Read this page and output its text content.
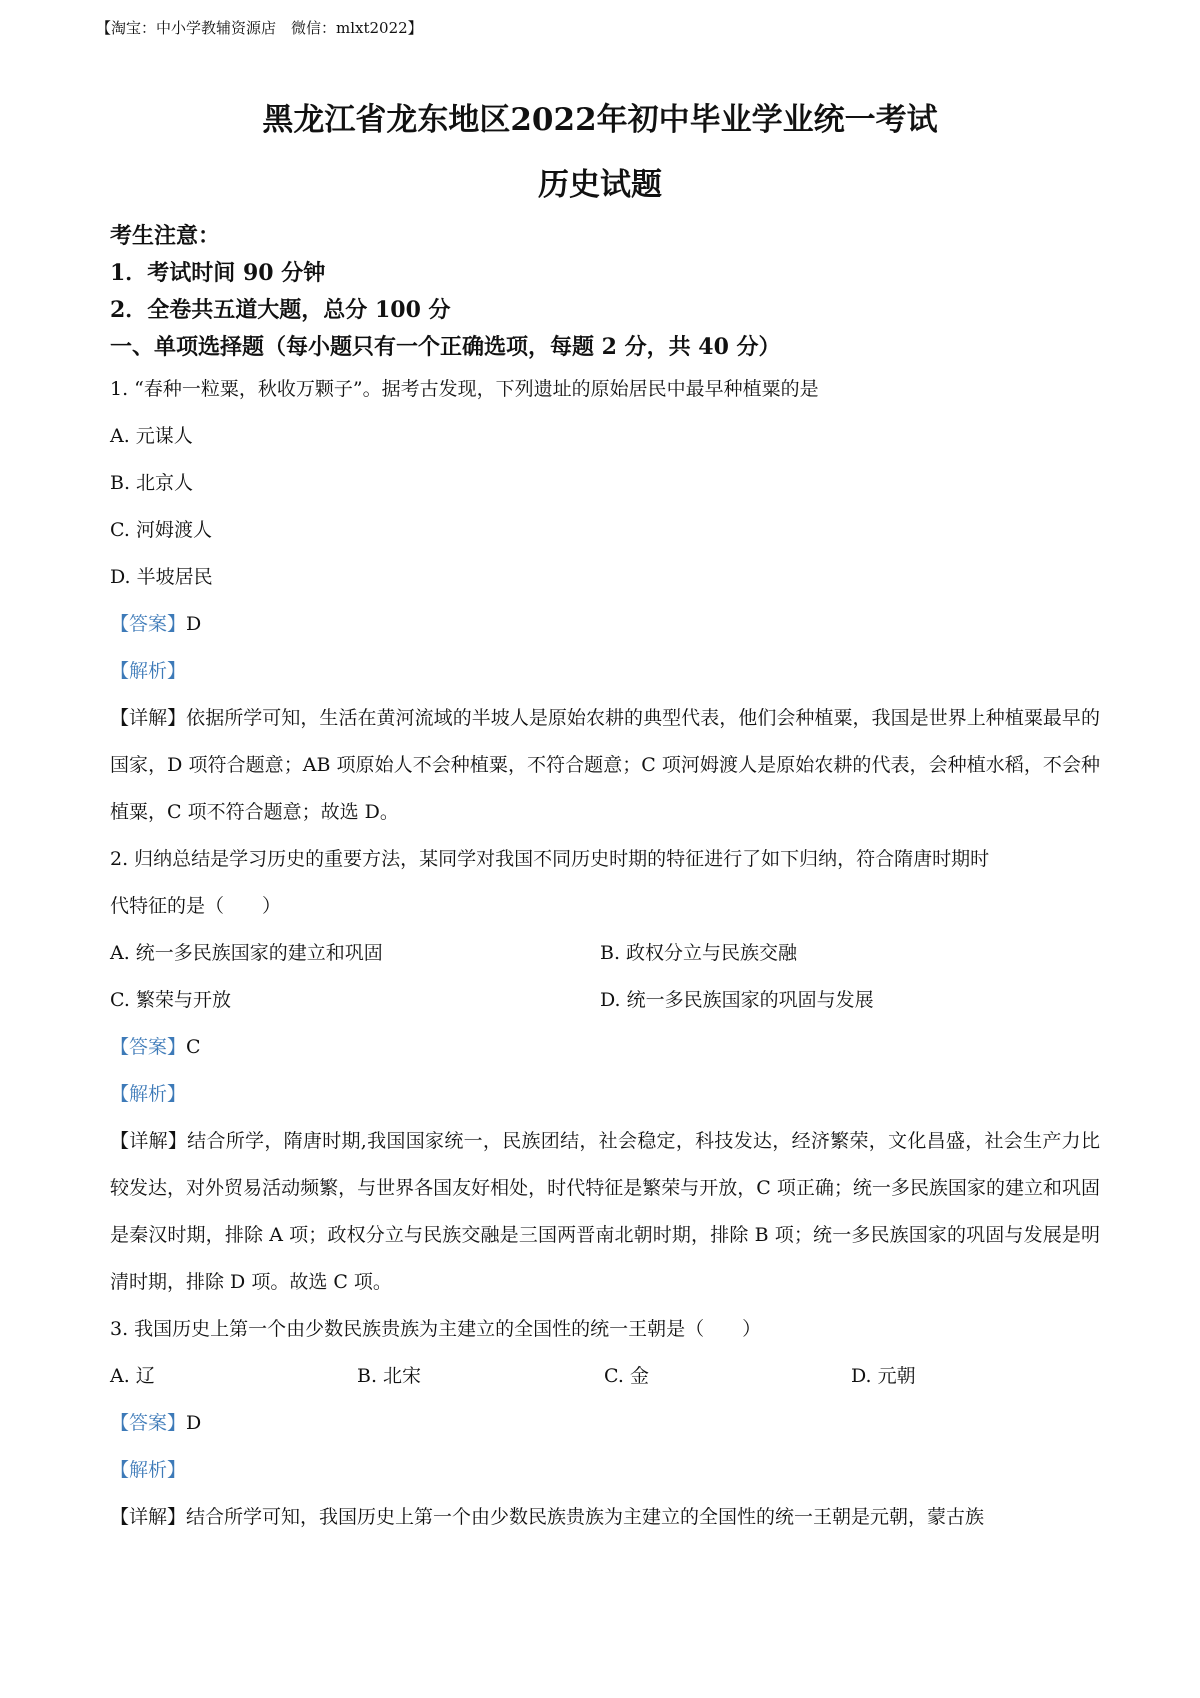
【淘宝：中小学教辅资源店　微信：mlxt2022】
黑龙江省龙东地区2022年初中毕业学业统一考试
历史试题
考生注意：
1．考试时间 90 分钟
2．全卷共五道大题，总分 100 分
一、单项选择题（每小题只有一个正确选项，每题 2 分，共 40 分）
1. “春种一粒粟，秋收万颗子”。据考古发现，下列遗址的原始居民中最早种植粟的是
A. 元谋人
B. 北京人
C. 河姆渡人
D. 半坡居民
【答案】D
【解析】
【详解】依据所学可知，生活在黄河流域的半坡人是原始农耕的典型代表，他们会种植粟，我国是世界上种植粟最早的国家，D 项符合题意；AB 项原始人不会种植粟，不符合题意；C 项河姆渡人是原始农耕的代表，会种植水稻，不会种植粟，C 项不符合题意；故选 D。
2. 归纳总结是学习历史的重要方法，某同学对我国不同历史时期的特征进行了如下归纳，符合隋唐时期时
代特征的是（　　）
A. 统一多民族国家的建立和巩固	B. 政权分立与民族交融
C. 繁荣与开放	D. 统一多民族国家的巩固与发展
【答案】C
【解析】
【详解】结合所学，隋唐时期,我国国家统一，民族团结，社会稳定，科技发达，经济繁荣，文化昌盛，社会生产力比较发达，对外贸易活动频繁，与世界各国友好相处，时代特征是繁荣与开放，C 项正确；统一多民族国家的建立和巩固是秦汉时期，排除 A 项；政权分立与民族交融是三国两晋南北朝时期，排除 B 项；统一多民族国家的巩固与发展是明清时期，排除 D 项。故选 C 项。
3. 我国历史上第一个由少数民族贵族为主建立的全国性的统一王朝是（　　）
A. 辽	B. 北宋	C. 金	D. 元朝
【答案】D
【解析】
【详解】结合所学可知，我国历史上第一个由少数民族贵族为主建立的全国性的统一王朝是元朝，蒙古族
